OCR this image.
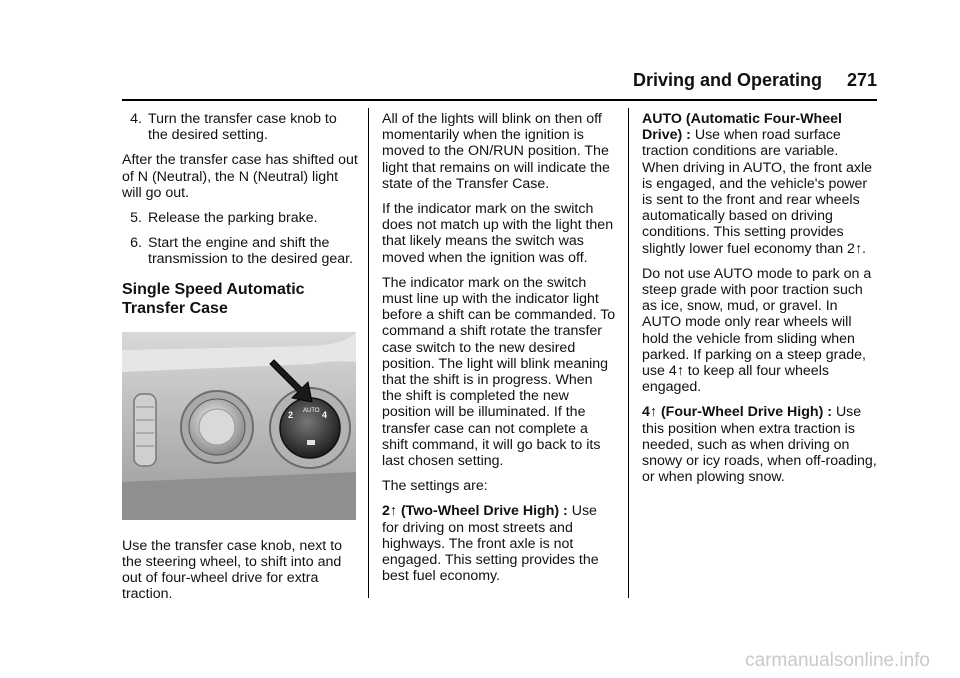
Driving and Operating 271
4. Turn the transfer case knob to the desired setting.

After the transfer case has shifted out of N (Neutral), the N (Neutral) light will go out.

5. Release the parking brake.
6. Start the engine and shift the transmission to the desired gear.
Single Speed Automatic Transfer Case
2 AUTO 4

Use the transfer case knob, next to the steering wheel, to shift into and out of four-wheel drive for extra traction.

All of the lights will blink on then off momentarily when the ignition is moved to the ON/RUN position. The light that remains on will indicate the state of the Transfer Case.

If the indicator mark on the switch does not match up with the light then that likely means the switch was moved when the ignition was off.

The indicator mark on the switch must line up with the indicator light before a shift can be commanded. To command a shift rotate the transfer case switch to the new desired position. The light will blink meaning that the shift is in progress. When the shift is completed the new position will be illuminated. If the transfer case can not complete a shift command, it will go back to its last chosen setting.

The settings are:

2↑ (Two-Wheel Drive High) : Use for driving on most streets and highways. The front axle is not engaged. This setting provides the best fuel economy.

AUTO (Automatic Four-Wheel Drive) : Use when road surface traction conditions are variable. When driving in AUTO, the front axle is engaged, and the vehicle's power is sent to the front and rear wheels automatically based on driving conditions. This setting provides slightly lower fuel economy than 2↑.

Do not use AUTO mode to park on a steep grade with poor traction such as ice, snow, mud, or gravel. In AUTO mode only rear wheels will hold the vehicle from sliding when parked. If parking on a steep grade, use 4↑ to keep all four wheels engaged.

4↑ (Four-Wheel Drive High) : Use this position when extra traction is needed, such as when driving on snowy or icy roads, when off-roading, or when plowing snow.

carmanualsonline.info
